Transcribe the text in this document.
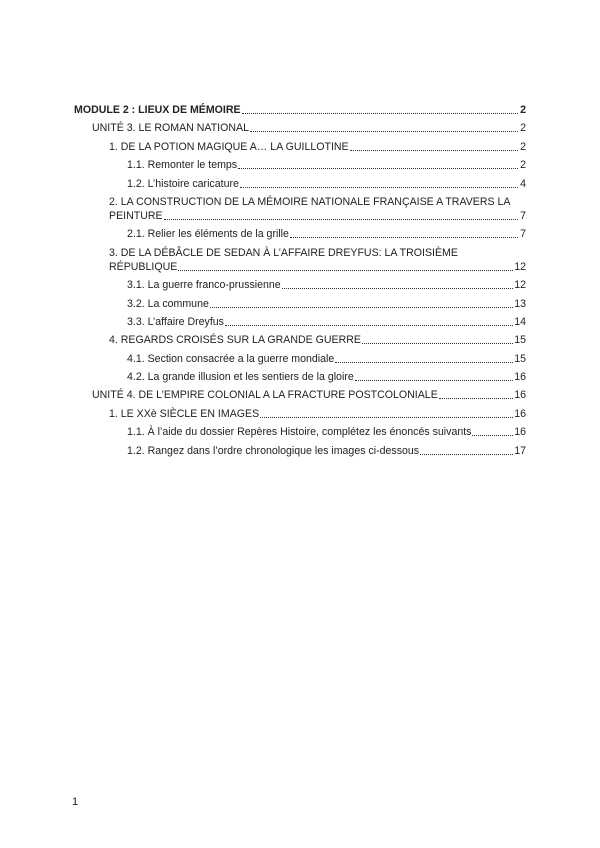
MODULE 2 : LIEUX DE MÉMOIRE	2
UNITÉ 3. LE ROMAN NATIONAL	2
1. DE LA POTION MAGIQUE A… LA GUILLOTINE	2
1.1. Remonter le temps	2
1.2. L’histoire caricature	4
2. LA CONSTRUCTION DE LA MÉMOIRE NATIONALE FRANÇAISE A TRAVERS LA
PEINTURE	7
2.1. Relier les éléments de la grille	7
3. DE LA DÉBÂCLE DE SEDAN À L’AFFAIRE DREYFUS: LA TROISIÈME
RÉPUBLIQUE	12
3.1. La guerre franco-prussienne	12
3.2. La commune	13
3.3. L’affaire Dreyfus	14
4. REGARDS CROISÉS SUR LA GRANDE GUERRE	15
4.1. Section consacrée a la guerre mondiale	15
4.2. La grande illusion et les sentiers de la gloire	16
UNITÉ 4. DE L’EMPIRE COLONIAL A LA FRACTURE POSTCOLONIALE	16
1. LE XXè SIÈCLE EN IMAGES	16
1.1. À l’aide du dossier Repères Histoire, complétez les énoncés suivants	16
1.2. Rangez dans l’ordre chronologique les images ci-dessous	17
1
